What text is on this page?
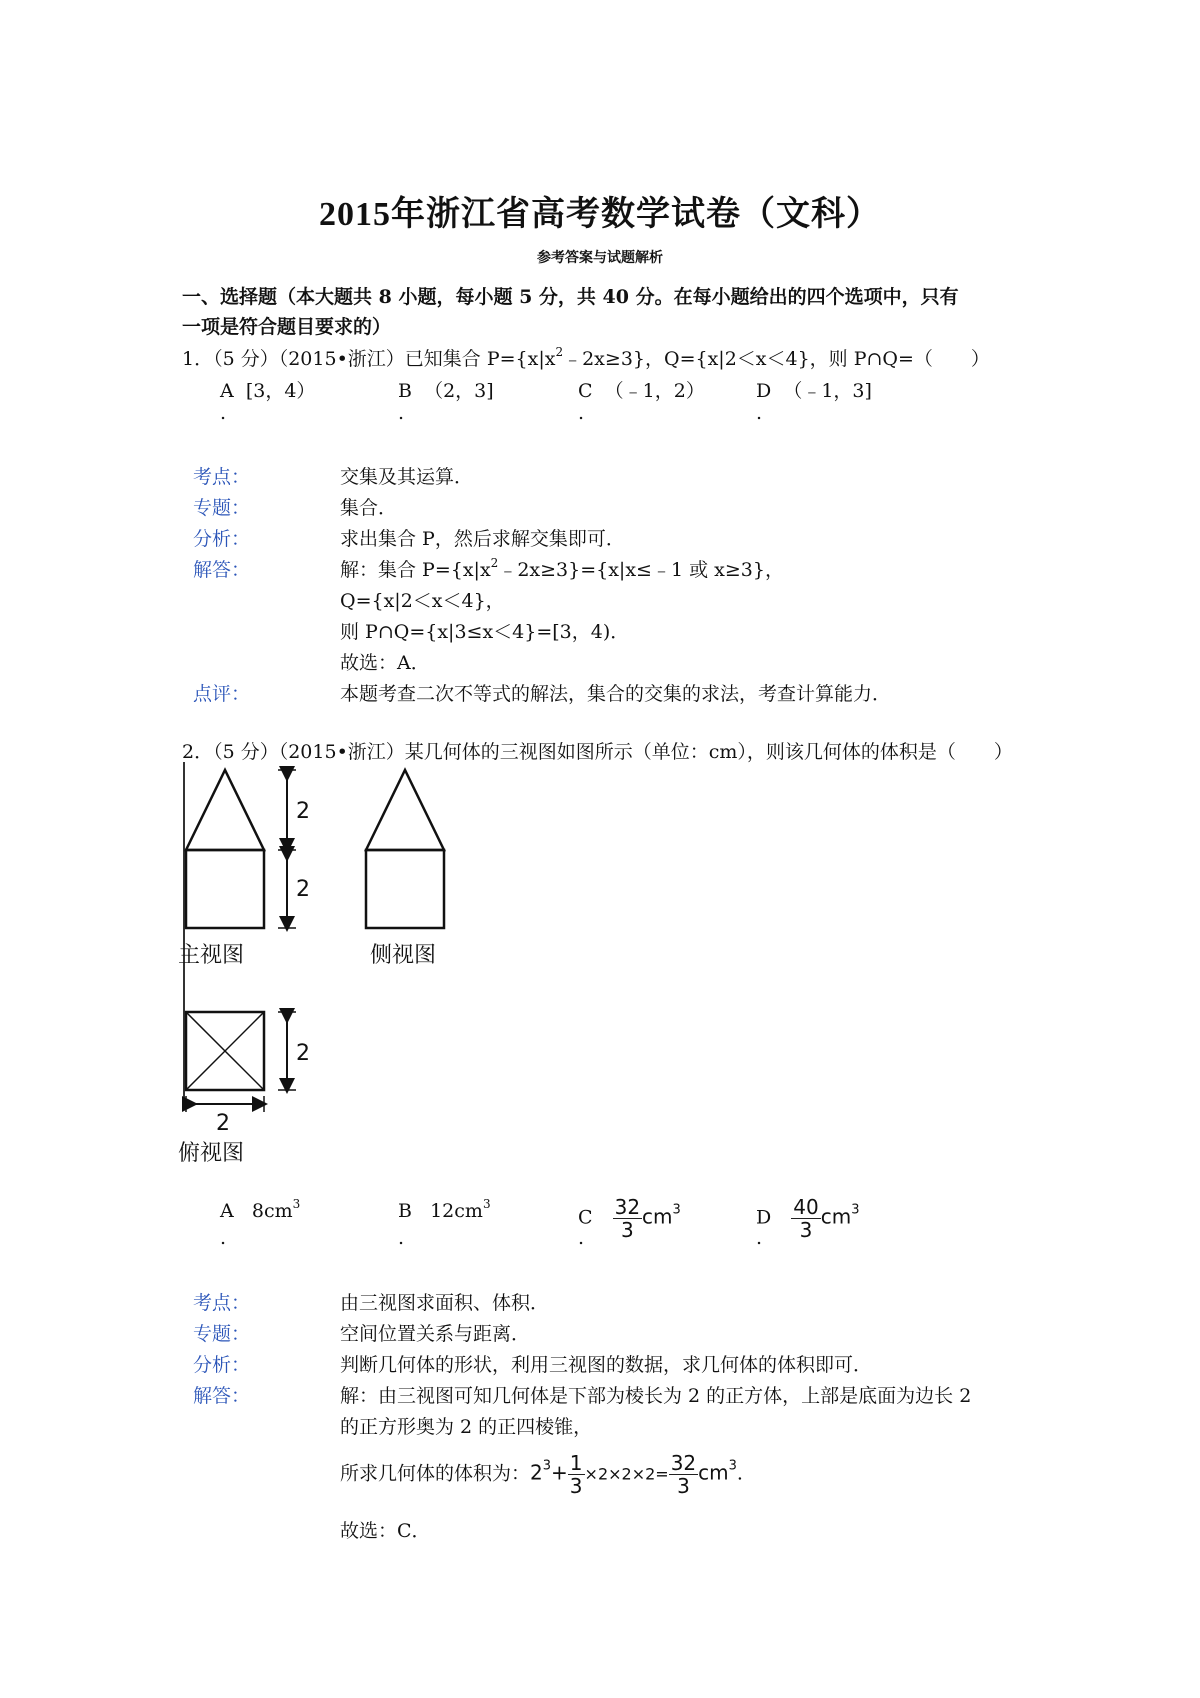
2015年浙江省高考数学试卷（文科）
参考答案与试题解析
一、选择题（本大题共 8 小题，每小题 5 分，共 40 分。在每小题给出的四个选项中，只有
一项是符合题目要求的）
1．（5 分）（2015•浙江）已知集合 $P=\{x|x^2﹣2x\ge 3\}$，Q={x|2＜x＜4}，则 P∩Q=（　　）
A [3，4）	B （2，3]	C （﹣1，2）	D （﹣1，3]
.	.	.	.
考点：	交集及其运算．
专题：	集合．
分析：	求出集合 P，然后求解交集即可．
解答：	解：集合 $P=\{x|x^2﹣2x\ge 3\}=\{x|x\le﹣1$ 或 x≥3}，
Q={x|2＜x＜4}，
则 P∩Q={x|3≤x＜4}=[3，4)．
故选：A．
点评：	本题考查二次不等式的解法，集合的交集的求法，考查计算能力．
2．（5 分）（2015•浙江）某几何体的三视图如图所示（单位：cm），则该几何体的体积是（　　）
2
2
主视图	侧视图
2
2
俯视图
A $8cm^3$	B $12cm^3$
C $\frac{32}{3} cm^3$	D $\frac{40}{3} cm^3$
.	.	.	.
考点：	由三视图求面积、体积．
专题：	空间位置关系与距离．
分析：	判断几何体的形状，利用三视图的数据，求几何体的体积即可．
解答：	解：由三视图可知几何体是下部为棱长为 2 的正方体，上部是底面为边长 2
的正方形奥为 2 的正四棱锥，
所求几何体的体积为：$2^3+ \frac{1}{3} \times 2\times 2\times 2= \frac{32}{3} cm^3$.
故选：C．
